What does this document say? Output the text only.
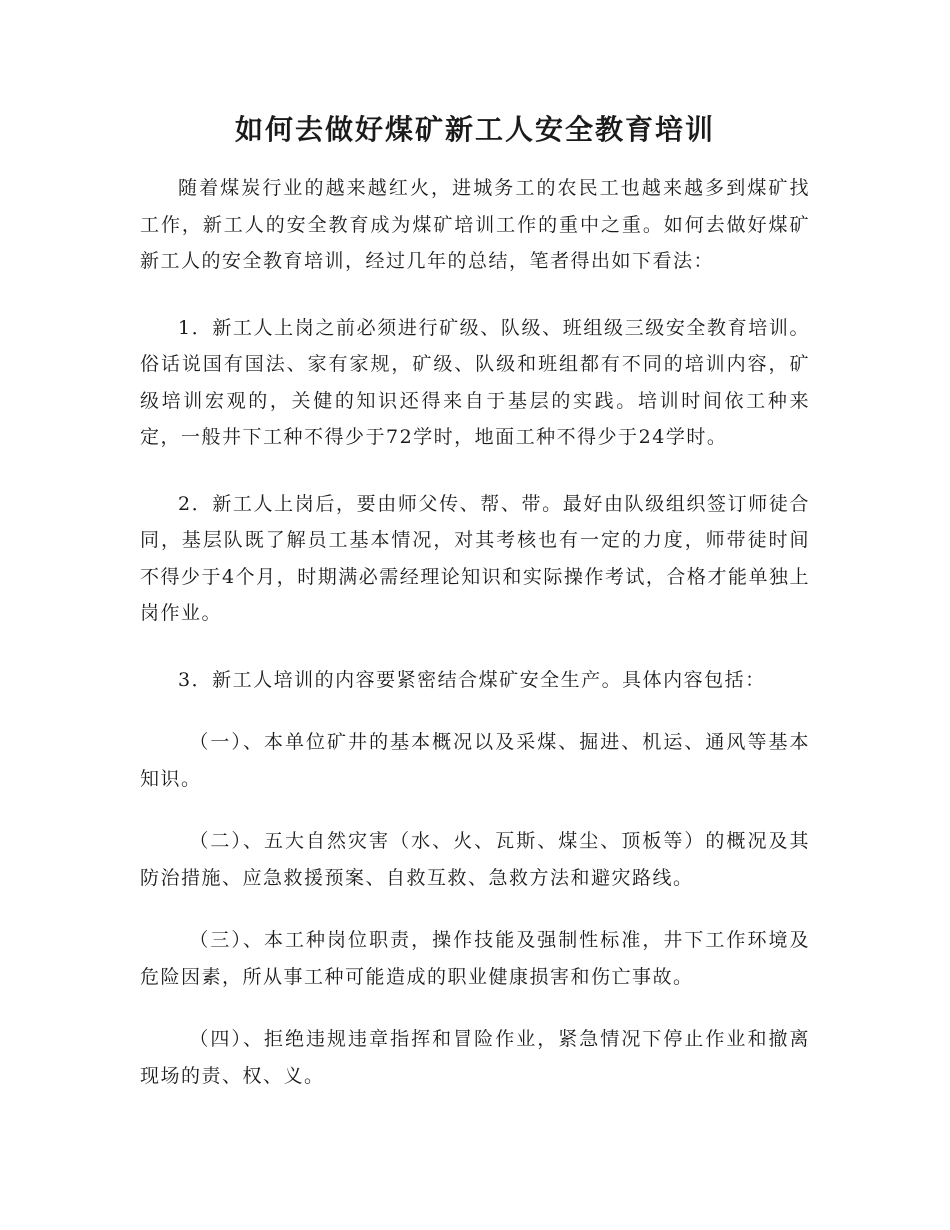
如何去做好煤矿新工人安全教育培训

随着煤炭行业的越来越红火，进城务工的农民工也越来越多到煤矿找工作，新工人的安全教育成为煤矿培训工作的重中之重。如何去做好煤矿新工人的安全教育培训，经过几年的总结，笔者得出如下看法：

1．新工人上岗之前必须进行矿级、队级、班组级三级安全教育培训。俗话说国有国法、家有家规，矿级、队级和班组都有不同的培训内容，矿级培训宏观的，关健的知识还得来自于基层的实践。培训时间依工种来定，一般井下工种不得少于72学时，地面工种不得少于24学时。

2．新工人上岗后，要由师父传、帮、带。最好由队级组织签订师徒合同，基层队既了解员工基本情况，对其考核也有一定的力度，师带徒时间不得少于4个月，时期满必需经理论知识和实际操作考试，合格才能单独上岗作业。

3．新工人培训的内容要紧密结合煤矿安全生产。具体内容包括：

（一）、本单位矿井的基本概况以及采煤、掘进、机运、通风等基本知识。

（二）、五大自然灾害（水、火、瓦斯、煤尘、顶板等）的概况及其防治措施、应急救援预案、自救互救、急救方法和避灾路线。

（三）、本工种岗位职责，操作技能及强制性标准，井下工作环境及危险因素，所从事工种可能造成的职业健康损害和伤亡事故。

（四）、拒绝违规违章指挥和冒险作业，紧急情况下停止作业和撤离现场的责、权、义。
